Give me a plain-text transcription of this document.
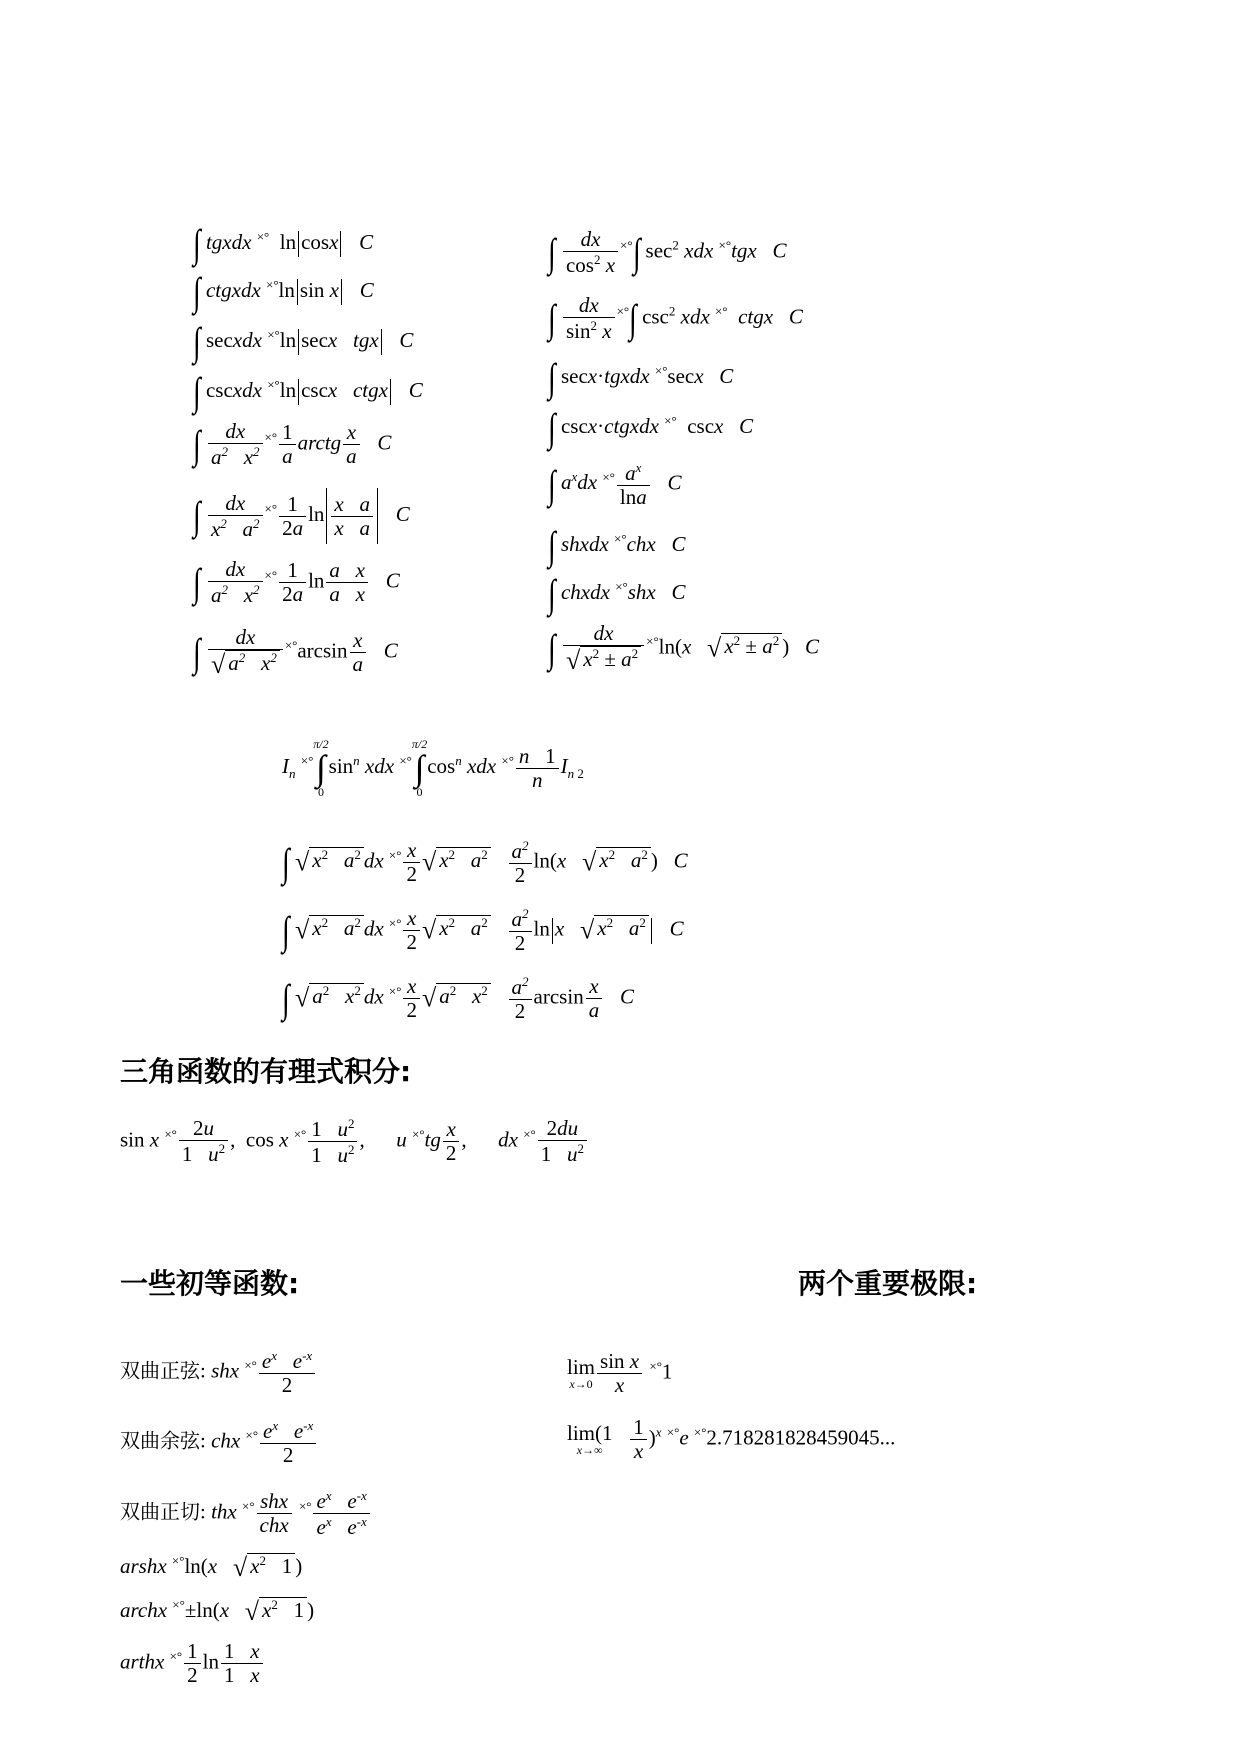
∫ tgxdx ×°  ln cosx C
∫ ctgxdx ×°ln sin x C
∫ secxdx ×°ln secx tgx C
∫ cscxdx ×°ln cscx ctgx C
∫ $\frac{dx}{a^2 x^2} ^{\times^\circ} \frac{1}{a}$ arctg $\frac{x}{a}$ C
∫ $\frac{dx}{x^2 a^2} ^{\times^\circ} \frac{1}{2a}$ $\ln \frac{\text{x   a}}{\text{x   a}}$ C
∫ $\frac{dx}{a^2 x^2} ^{\times^\circ} \frac{1}{2a}$ $\ln \frac{\text{a   x}}{\text{a   x}}$ C
∫ $\frac{dx}{√ a^2 x^2} ^{\times^\circ}\arcsin \frac{x}{a}$ C
∫ $\frac{dx}{\cos^2 x} ^{\times^\circ}\int$ $\sec^2$ xdx ×°tgx C
∫ $\frac{dx}{\sin^2 x} ^{\times^\circ}\int$ $\csc^2$ xdx ×° ctgx C
∫ secx·tgxdx ×°secx C
∫ cscx·ctgxdx ×°  cscx C
∫ $a^xdx$ $^{\times^\circ} \frac{a^x}{\ln a}$ C
∫ shxdx ×°chx C
∫ chxdx ×°shx C
∫ $\frac{dx}{√ x^2 \pm a^2} ^{\times^\circ}\ln(x$ √ $x^2 \pm a^2$ )   C
$I_n$ ×°
π/2
∫
0
$\sin^n$ xdx ×°
π/2
∫
0
$\cos^n$ xdx $^{\times^\circ} \frac{n 1}{n} I_n$ $_2$
∫ √ $x^2$ $a^2$ dx $^{\times^\circ} \frac{x}{2}$ √ $x^2$ $a^2 \frac{a^2}{2} \ln(x$ √ $x^2$ $a^2$ )   C
∫ √ $x^2$ $a^2$ dx $^{\times^\circ} \frac{x}{2}$ √ $x^2$ $a^2 \frac{a^2}{2}$ ln x √ $x^2$ $a^2$ C
∫ √ $a^2$ $x^2$ dx $^{\times^\circ} \frac{x}{2}$ √ $a^2$ $x^2 \frac{a^2}{2}$ $\arcsin \frac{x}{a}$ C
三角函数的有理式积分:
sin x $^{\times^\circ} \frac{2u}{1 u^2}$ ,  cos x $^{\times^\circ} \frac{1 u^2}{1 u^2}$ ,      u $^{\times^\circ}tg \frac{x}{2}$ ,      dx $^{\times^\circ} \frac{2du}{1 u^2}$
一些初等函数:	两个重要极限:
双曲正弦: shx $^{\times^\circ} \frac{e^x e^{-x}}{2}$
双曲余弦: chx $^{\times^\circ} \frac{e^x e^{-x}}{2}$
双曲正切: thx $^{\times^\circ} \frac{\text{shx}}{\text{chx}} ^{\times^\circ} \frac{e^x e^{-x}}{e^x e^{-x}}$
arshx ×°ln(x √ $x^2$   1 )
archx ×°±ln(x √ $x^2$   1 )
arthx $^{\times^\circ} \frac{1}{2}$ $\ln \frac{1 x}{1 x}$
lim
$x\to 0 \frac{\text{sin x}}{x} ^{\times^\circ}1$
lim(1
x→∞
	$\frac{1}{x} )^x$ ×°e ×°2.718281828459045...
